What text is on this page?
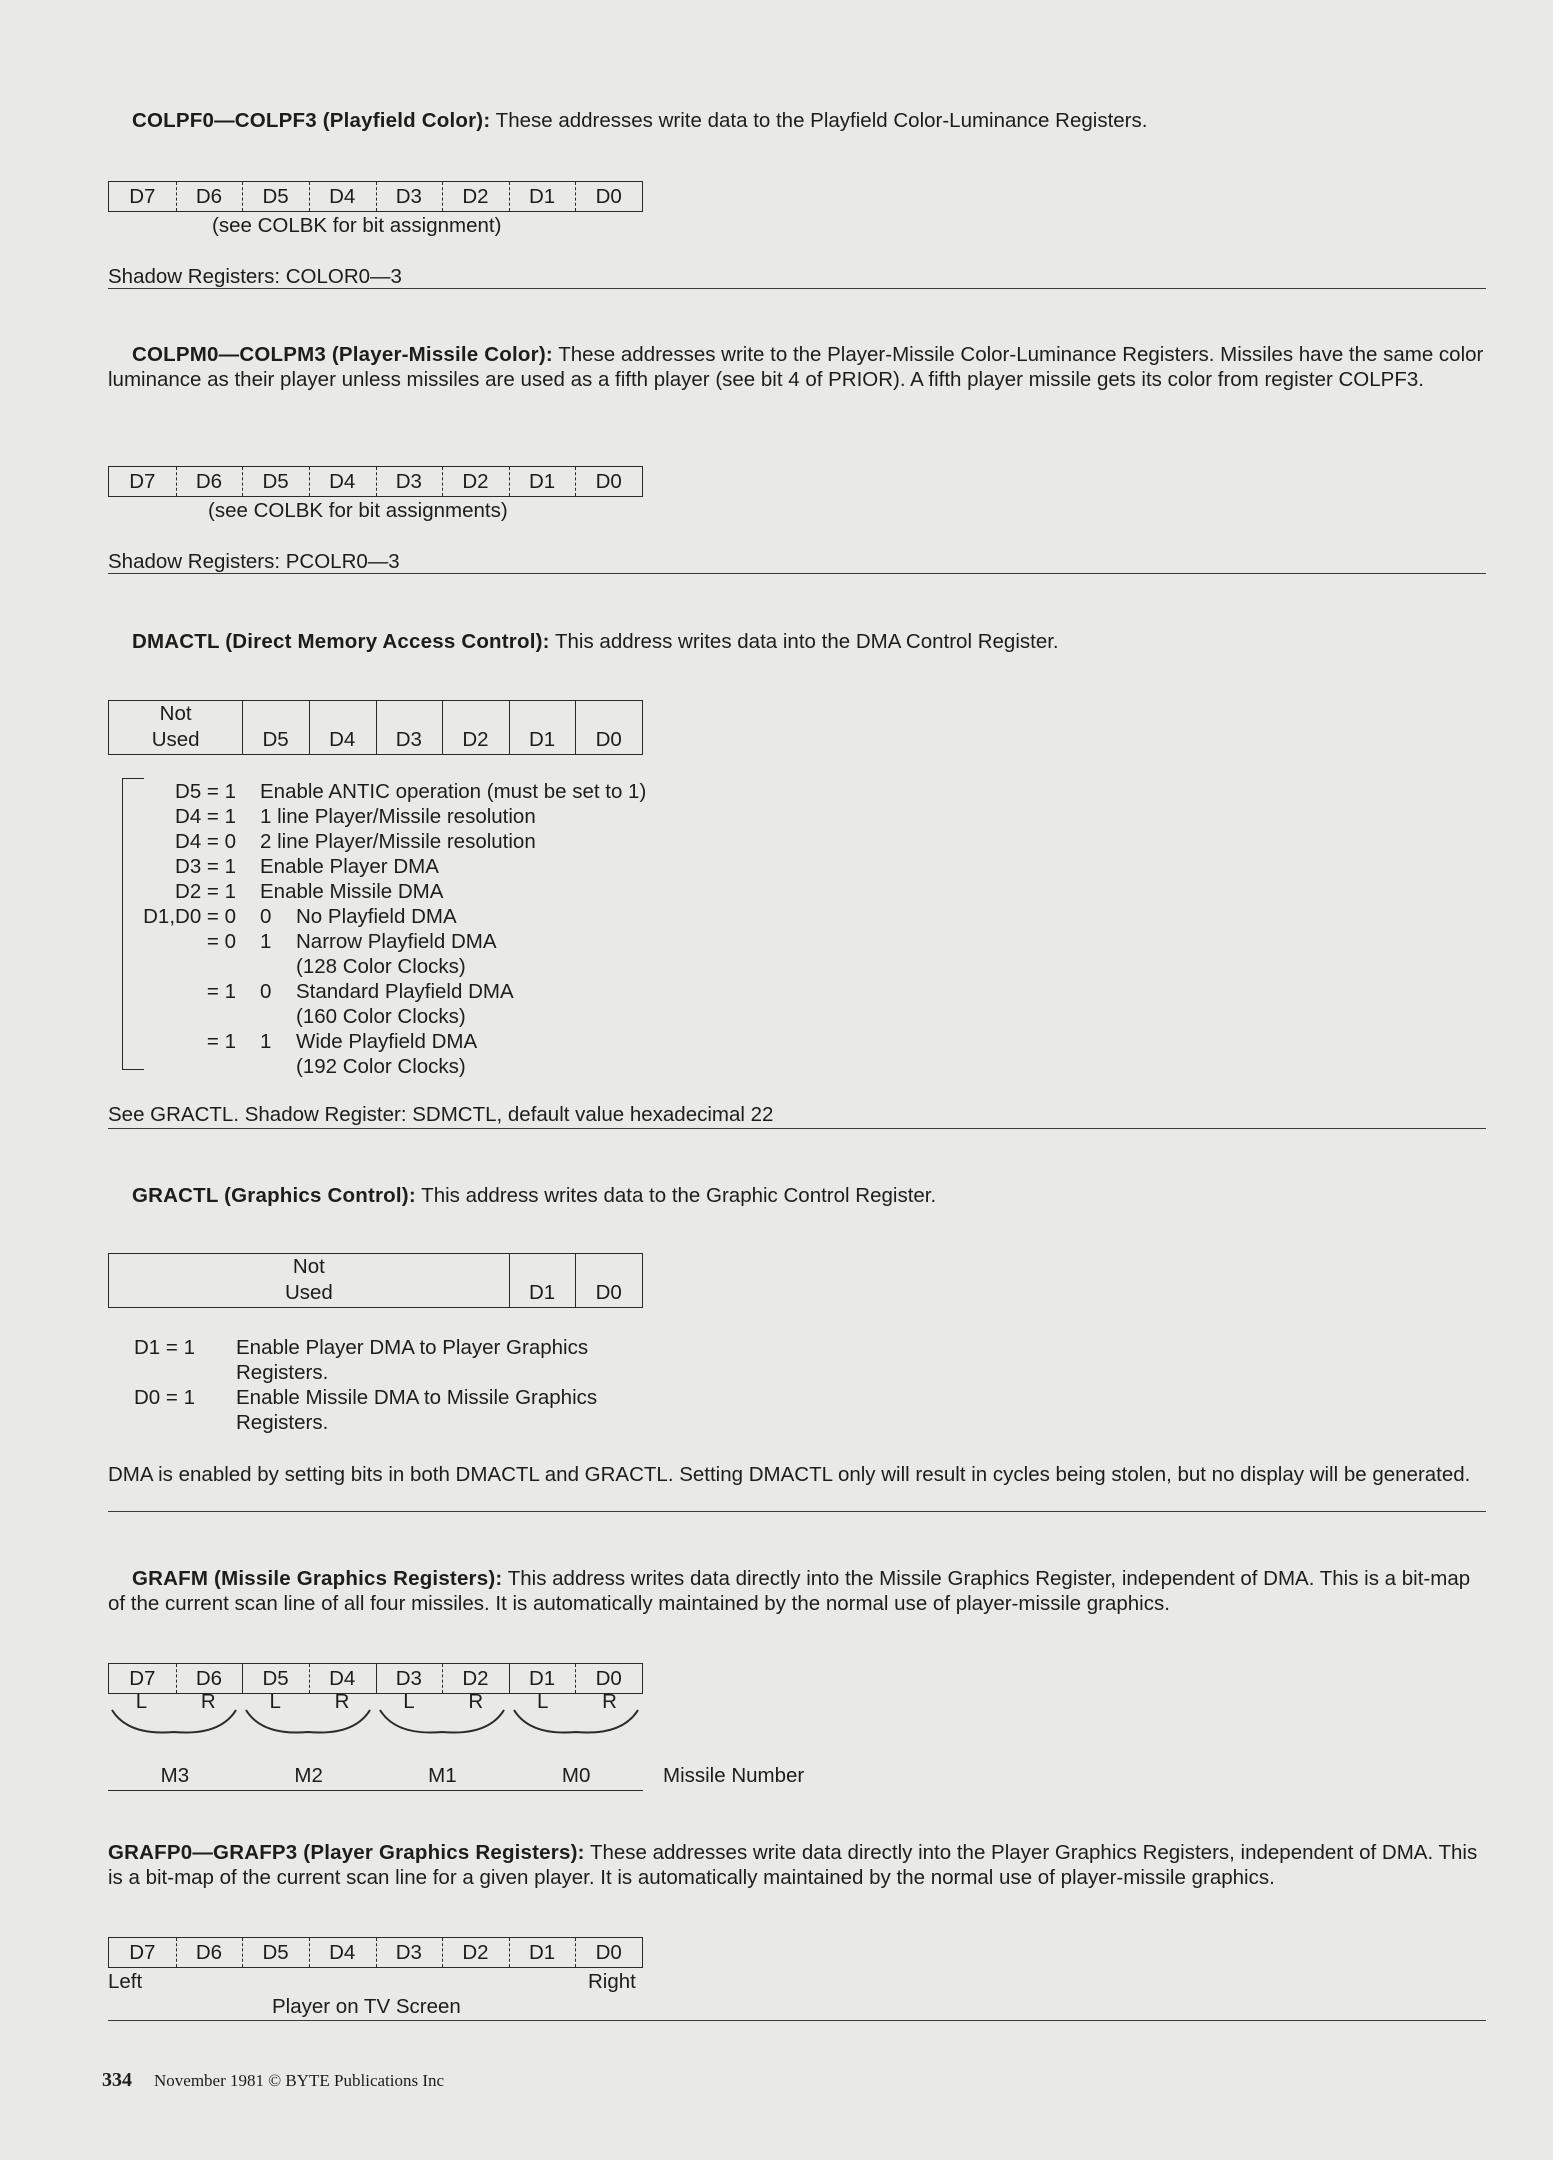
COLPF0—COLPF3 (Playfield Color): These addresses write data to the Playfield Color-Luminance Registers.

D7	D6	D5	D4	D3	D2	D1	D0
(see COLBK for bit assignment)
Shadow Registers: COLOR0—3

COLPM0—COLPM3 (Player-Missile Color): These addresses write to the Player-Missile Color-Luminance Registers. Missiles have the same color luminance as their player unless missiles are used as a fifth player (see bit 4 of PRIOR). A fifth player missile gets its color from register COLPF3.

D7	D6	D5	D4	D3	D2	D1	D0
(see COLBK for bit assignments)
Shadow Registers: PCOLR0—3

DMACTL (Direct Memory Access Control): This address writes data into the DMA Control Register.

Not
Used	D5	D4	D3	D2	D1	D0
D5 = 1 Enable ANTIC operation (must be set to 1)
D4 = 1 1 line Player/Missile resolution
D4 = 0 2 line Player/Missile resolution
D3 = 1 Enable Player DMA
D2 = 1 Enable Missile DMA
D1,D0 = 0 0 No Playfield DMA
= 0 1 Narrow Playfield DMA
(128 Color Clocks)
= 1 0 Standard Playfield DMA
(160 Color Clocks)
= 1 1 Wide Playfield DMA
(192 Color Clocks)
See GRACTL. Shadow Register: SDMCTL, default value hexadecimal 22

GRACTL (Graphics Control): This address writes data to the Graphic Control Register.

Not
Used	D1	D0
D1 = 1 Enable Player DMA to Player Graphics
Registers.
D0 = 1 Enable Missile DMA to Missile Graphics
Registers.

DMA is enabled by setting bits in both DMACTL and GRACTL. Setting DMACTL only will result in cycles being stolen, but no display will be generated.

GRAFM (Missile Graphics Registers): This address writes data directly into the Missile Graphics Register, independent of DMA. This is a bit-map of the current scan line of all four missiles. It is automatically maintained by the normal use of player-missile graphics.

D7	D6	D5	D4	D3	D2	D1	D0
L	R	L	R	L	R	L	R
M3	M2	M1	M0	Missile Number

GRAFP0—GRAFP3 (Player Graphics Registers): These addresses write data directly into the Player Graphics Registers, independent of DMA. This is a bit-map of the current scan line for a given player. It is automatically maintained by the normal use of player-missile graphics.

D7	D6	D5	D4	D3	D2	D1	D0
Left	Right
Player on TV Screen
334 November 1981 © BYTE Publications Inc
